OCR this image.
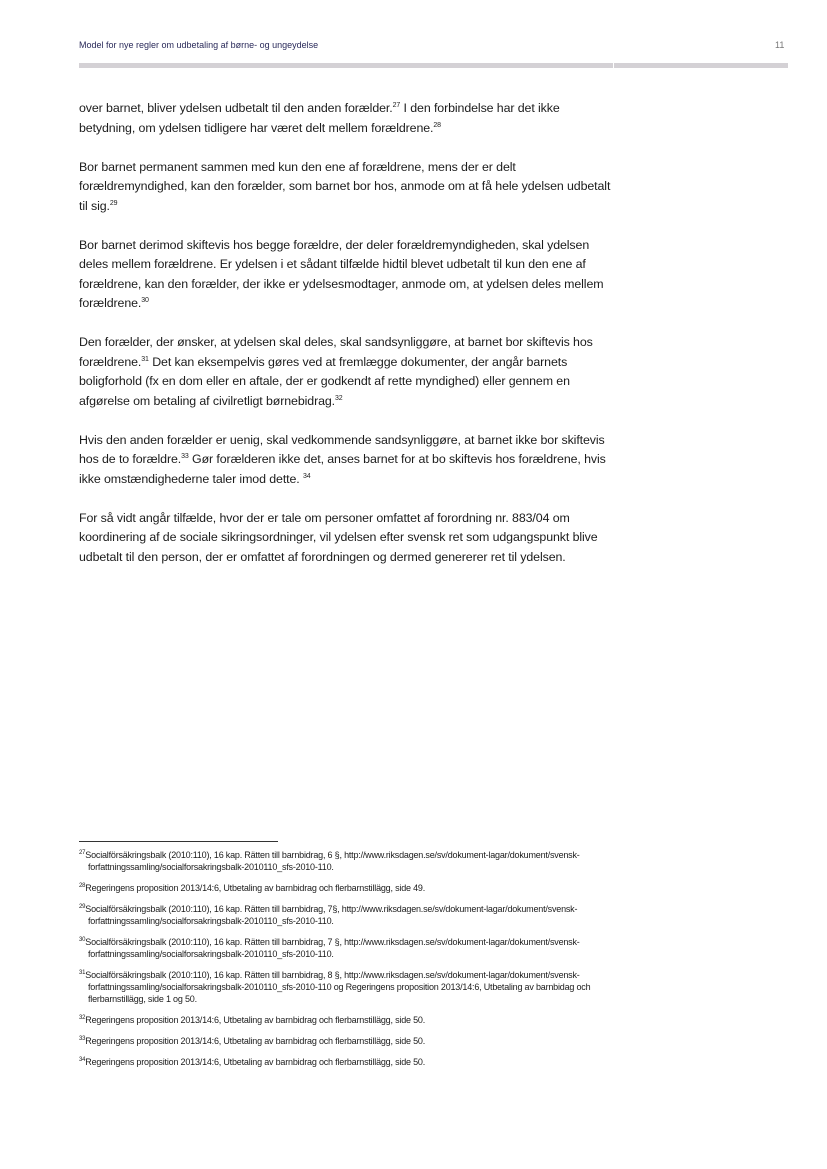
Model for nye regler om udbetaling af børne- og ungeydelse	11

over barnet, bliver ydelsen udbetalt til den anden forælder.$^{27}$ I den forbindelse har det ikke betydning, om ydelsen tidligere har været delt mellem forældrene.$^{28}$

Bor barnet permanent sammen med kun den ene af forældrene, mens der er delt forældremyndighed, kan den forælder, som barnet bor hos, anmode om at få hele ydelsen udbetalt til sig.$^{29}$

Bor barnet derimod skiftevis hos begge forældre, der deler forældremyndigheden, skal ydelsen deles mellem forældrene. Er ydelsen i et sådant tilfælde hidtil blevet udbetalt til kun den ene af forældrene, kan den forælder, der ikke er ydelsesmodtager, anmode om, at ydelsen deles mellem forældrene.$^{30}$

Den forælder, der ønsker, at ydelsen skal deles, skal sandsynliggøre, at barnet bor skiftevis hos forældrene.$^{31}$ Det kan eksempelvis gøres ved at fremlægge dokumenter, der angår barnets boligforhold (fx en dom eller en aftale, der er godkendt af rette myndighed) eller gennem en afgørelse om betaling af civilretligt børnebidrag.$^{32}$

Hvis den anden forælder er uenig, skal vedkommende sandsynliggøre, at barnet ikke bor skiftevis hos de to forældre.$^{33}$ Gør forælderen ikke det, anses barnet for at bo skiftevis hos forældrene, hvis ikke omstændighederne taler imod dette. $^{34}$

For så vidt angår tilfælde, hvor der er tale om personer omfattet af forordning nr. 883/04 om koordinering af de sociale sikringsordninger, vil ydelsen efter svensk ret som udgangspunkt blive udbetalt til den person, der er omfattet af forordningen og dermed genererer ret til ydelsen.

$^{27}$Socialförsäkringsbalk (2010:110), 16 kap. Rätten till barnbidrag, 6 §, http://www.riksdagen.se/sv/dokument-lagar/dokument/svensk-forfattningssamling/socialforsakringsbalk-2010110_sfs-2010-110.
$^{28}$Regeringens proposition 2013/14:6, Utbetaling av barnbidrag och flerbarnstillägg, side 49.
$^{29}$Socialförsäkringsbalk (2010:110), 16 kap. Rätten till barnbidrag, 7§, http://www.riksdagen.se/sv/dokument-lagar/dokument/svensk-forfattningssamling/socialforsakringsbalk-2010110_sfs-2010-110.
$^{30}$Socialförsäkringsbalk (2010:110), 16 kap. Rätten till barnbidrag, 7 §, http://www.riksdagen.se/sv/dokument-lagar/dokument/svensk-forfattningssamling/socialforsakringsbalk-2010110_sfs-2010-110.
$^{31}$Socialförsäkringsbalk (2010:110), 16 kap. Rätten till barnbidrag, 8 §, http://www.riksdagen.se/sv/dokument-lagar/dokument/svensk-forfattningssamling/socialforsakringsbalk-2010110_sfs-2010-110 og Regeringens proposition 2013/14:6, Utbetaling av barnbidag och flerbarnstillägg, side 1 og 50.
$^{32}$Regeringens proposition 2013/14:6, Utbetaling av barnbidrag och flerbarnstillägg, side 50.
$^{33}$Regeringens proposition 2013/14:6, Utbetaling av barnbidrag och flerbarnstillägg, side 50.
$^{34}$Regeringens proposition 2013/14:6, Utbetaling av barnbidrag och flerbarnstillägg, side 50.
